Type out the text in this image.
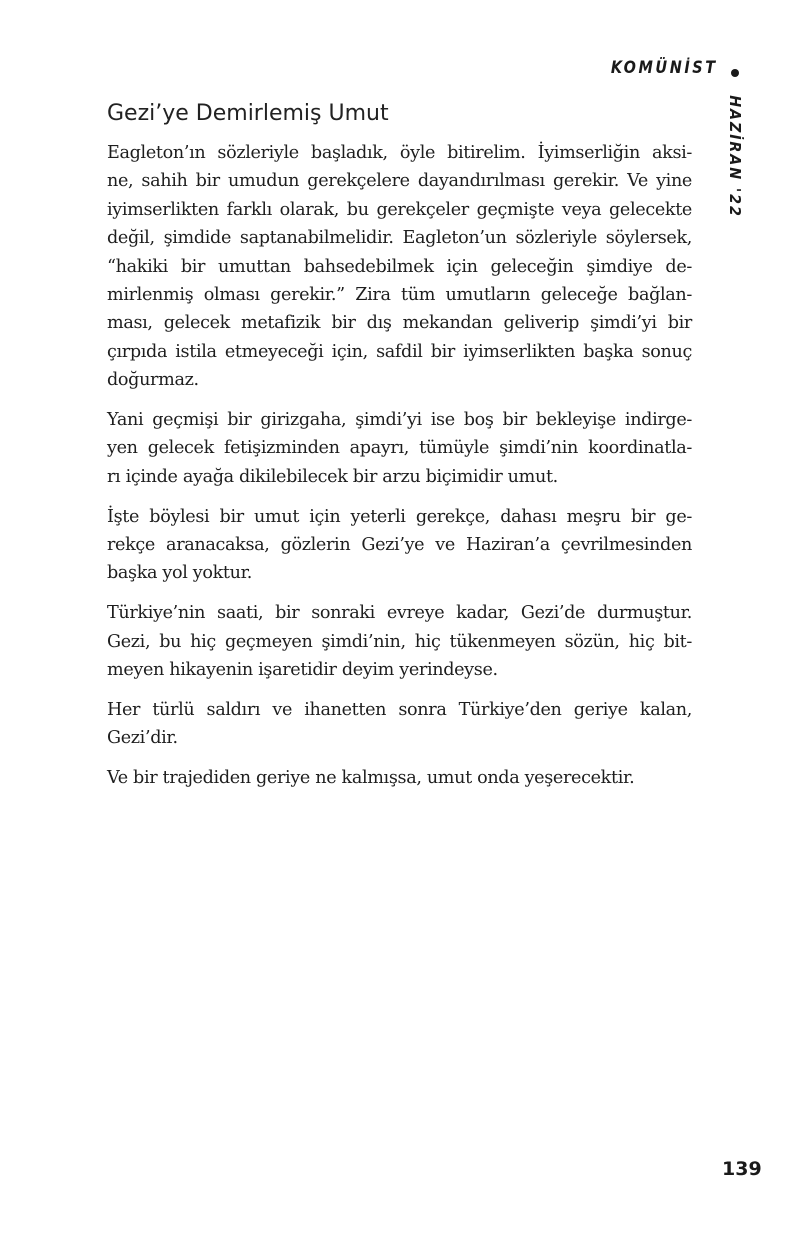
KOMÜNİST
HAZİRAN '22
Gezi’ye Demirlemiş Umut
Eagleton’ın sözleriyle başladık, öyle bitirelim. İyimserliğin aksi-
ne, sahih bir umudun gerekçelere dayandırılması gerekir. Ve yine
iyimserlikten farklı olarak, bu gerekçeler geçmişte veya gelecekte
değil, şimdide saptanabilmelidir. Eagleton’un sözleriyle söylersek,
“hakiki bir umuttan bahsedebilmek için geleceğin şimdiye de-
mirlenmiş olması gerekir.” Zira tüm umutların geleceğe bağlan-
ması, gelecek metafizik bir dış mekandan geliverip şimdi’yi bir
çırpıda istila etmeyeceği için, safdil bir iyimserlikten başka sonuç
doğurmaz.
Yani geçmişi bir girizgaha, şimdi’yi ise boş bir bekleyişe indirge-
yen gelecek fetişizminden apayrı, tümüyle şimdi’nin koordinatla-
rı içinde ayağa dikilebilecek bir arzu biçimidir umut.
İşte böylesi bir umut için yeterli gerekçe, dahası meşru bir ge-
rekçe aranacaksa, gözlerin Gezi’ye ve Haziran’a çevrilmesinden
başka yol yoktur.
Türkiye’nin saati, bir sonraki evreye kadar, Gezi’de durmuştur.
Gezi, bu hiç geçmeyen şimdi’nin, hiç tükenmeyen sözün, hiç bit-
meyen hikayenin işaretidir deyim yerindeyse.
Her türlü saldırı ve ihanetten sonra Türkiye’den geriye kalan,
Gezi’dir.
Ve bir trajediden geriye ne kalmışsa, umut onda yeşerecektir.
139
